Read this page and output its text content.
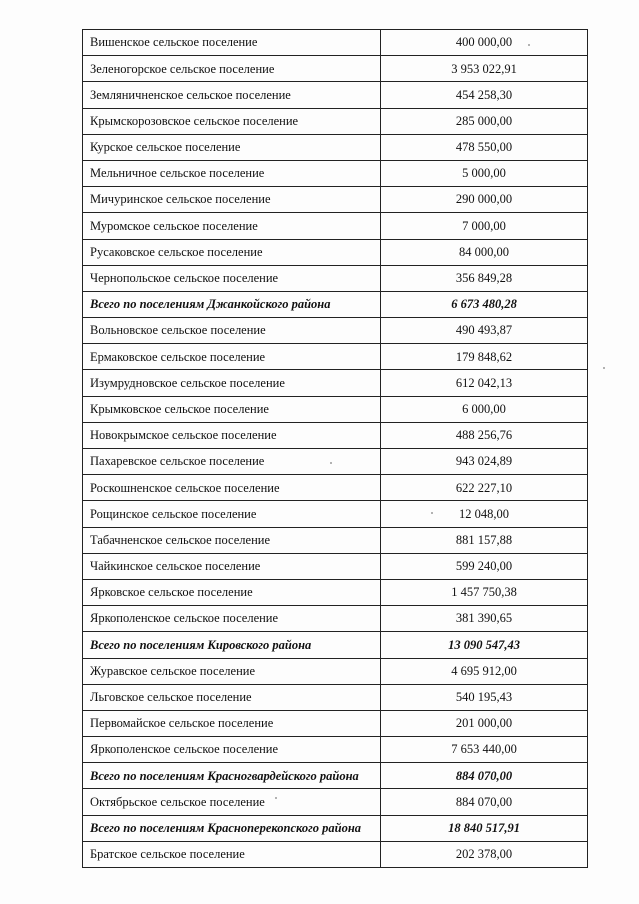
Вишенское сельское поселение	400 000,00
Зеленогорское сельское поселение	3 953 022,91
Земляничненское сельское поселение	454 258,30
Крымскорозовское сельское поселение	285 000,00
Курское сельское поселение	478 550,00
Мельничное сельское поселение	5 000,00
Мичуринское сельское поселение	290 000,00
Муромское сельское поселение	7 000,00
Русаковское сельское поселение	84 000,00
Чернопольское сельское поселение	356 849,28
Всего по поселениям Джанкойского района	6 673 480,28
Вольновское сельское поселение	490 493,87
Ермаковское сельское поселение	179 848,62
Изумрудновское сельское поселение	612 042,13
Крымковское сельское поселение	6 000,00
Новокрымское сельское поселение	488 256,76
Пахаревское сельское поселение	943 024,89
Роскошненское сельское поселение	622 227,10
Рощинское сельское поселение	12 048,00
Табачненское сельское поселение	881 157,88
Чайкинское сельское поселение	599 240,00
Ярковское сельское поселение	1 457 750,38
Яркополенское сельское поселение	381 390,65
Всего по поселениям Кировского района	13 090 547,43
Журавское сельское поселение	4 695 912,00
Льговское сельское поселение	540 195,43
Первомайское сельское поселение	201 000,00
Яркополенское сельское поселение	7 653 440,00
Всего по поселениям Красногвардейского района	884 070,00
Октябрьское сельское поселение	884 070,00
Всего по поселениям Красноперекопского района	18 840 517,91
Братское сельское поселение	202 378,00
